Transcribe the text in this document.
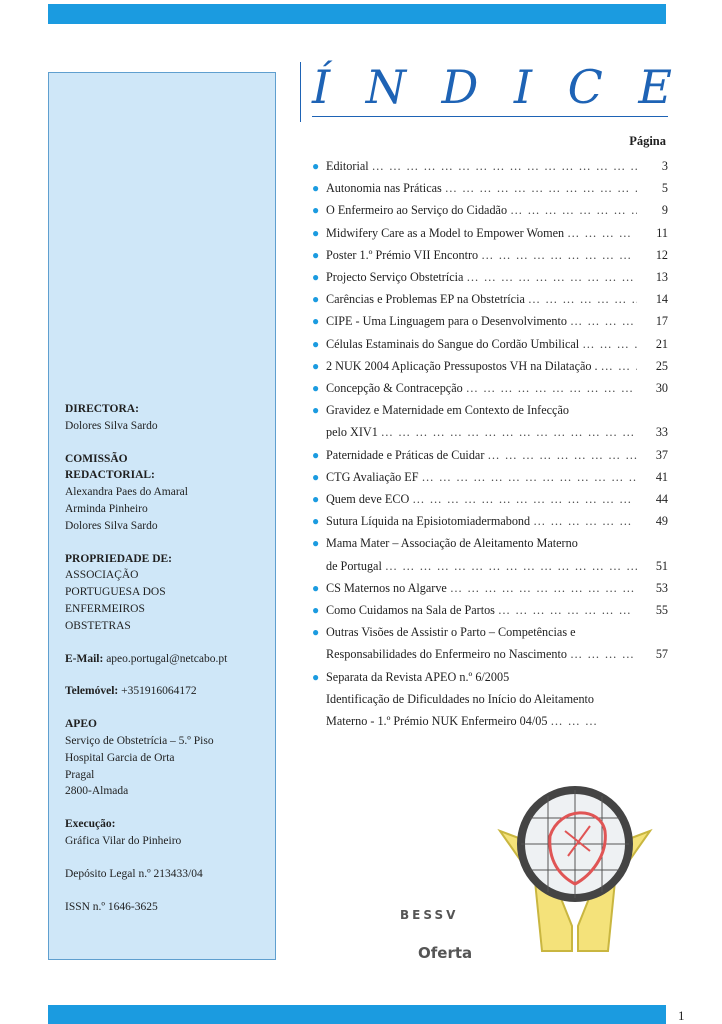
DIRECTORA:
Dolores Silva Sardo
COMISSÃO
REDACTORIAL:
Alexandra Paes do Amaral
Arminda Pinheiro
Dolores Silva Sardo
PROPRIEDADE DE:
ASSOCIAÇÃO
PORTUGUESA DOS
ENFERMEIROS
OBSTETRAS
E-Mail: apeo.portugal@netcabo.pt
Telemóvel: +351916064172
APEO
Serviço de Obstetrícia – 5.º Piso
Hospital Garcia de Orta
Pragal
2800-Almada
Execução:
Gráfica Vilar do Pinheiro
Depósito Legal n.º 213433/04
ISSN n.º 1646-3625
Í N D I C E
Página
● Editorial … … … … … … … … … … … … … … … … … … … … … … … … … …	3
● Autonomia nas Práticas … … … … … … … … … … … … … … … … … … … … … … … … … …	5
● O Enfermeiro ao Serviço do Cidadão … … … … … … … … … … … … … … … … … … … … … … … … … …	9
● Midwifery Care as a Model to Empower Women … … … … … … … … … … … … … … … … … … … … … … … … … …	11
● Poster 1.º Prémio VII Encontro … … … … … … … … … … … … … … … … … … … … … … … … … …	12
● Projecto Serviço Obstetrícia … … … … … … … … … … … … … … … … … … … … … … … … … …	13
● Carências e Problemas EP na Obstetrícia … … … … … … … … … … … … … … … … … … … … … … … … … …	14
● CIPE - Uma Linguagem para o Desenvolvimento … … … … … … … … … … … … … … … … … … … … … … … … … …	17
● Células Estaminais do Sangue do Cordão Umbilical … … … … … … … … … … … … … … … … … … … … … … … … … …	21
● 2 NUK 2004 Aplicação Pressupostos VH na Dilatação . … … … … … … … … … … … … … … … … … … … … … … … … … …	25
● Concepção & Contracepção … … … … … … … … … … … … … … … … … … … … … … … … … …	30
● Gravidez e Maternidade em Contexto de Infecção
pelo XIV1 … … … … … … … … … … … … … … … … … … … … … … … … … …	33
● Paternidade e Práticas de Cuidar … … … … … … … … … … … … … … … … … … … … … … … … … …	37
● CTG Avaliação EF … … … … … … … … … … … … … … … … … … … … … … … … … …	41
● Quem deve ECO … … … … … … … … … … … … … … … … … … … … … … … … … …	44
● Sutura Líquida na Episiotomiadermabond … … … … … … … … … … … … … … … … … … … … … … … … … …	49
● Mama Mater – Associação de Aleitamento Materno
de Portugal … … … … … … … … … … … … … … … … … … … … … … … … … …	51
● CS Maternos no Algarve … … … … … … … … … … … … … … … … … … … … … … … … … …	53
● Como Cuidamos na Sala de Partos … … … … … … … … … … … … … … … … … … … … … … … … … …	55
● Outras Visões de Assistir o Parto – Competências e
Responsabilidades do Enfermeiro no Nascimento … … … … … … … … … … … … … … … … … … … … … … … … … …	57
● Separata da Revista APEO n.º 6/2005
Identificação de Dificuldades no Início do Aleitamento
Materno - 1.º Prémio NUK Enfermeiro 04/05
… … … … … … … … … … … … … … … … … … … … … … … … … …
BESSV
Oferta
1
